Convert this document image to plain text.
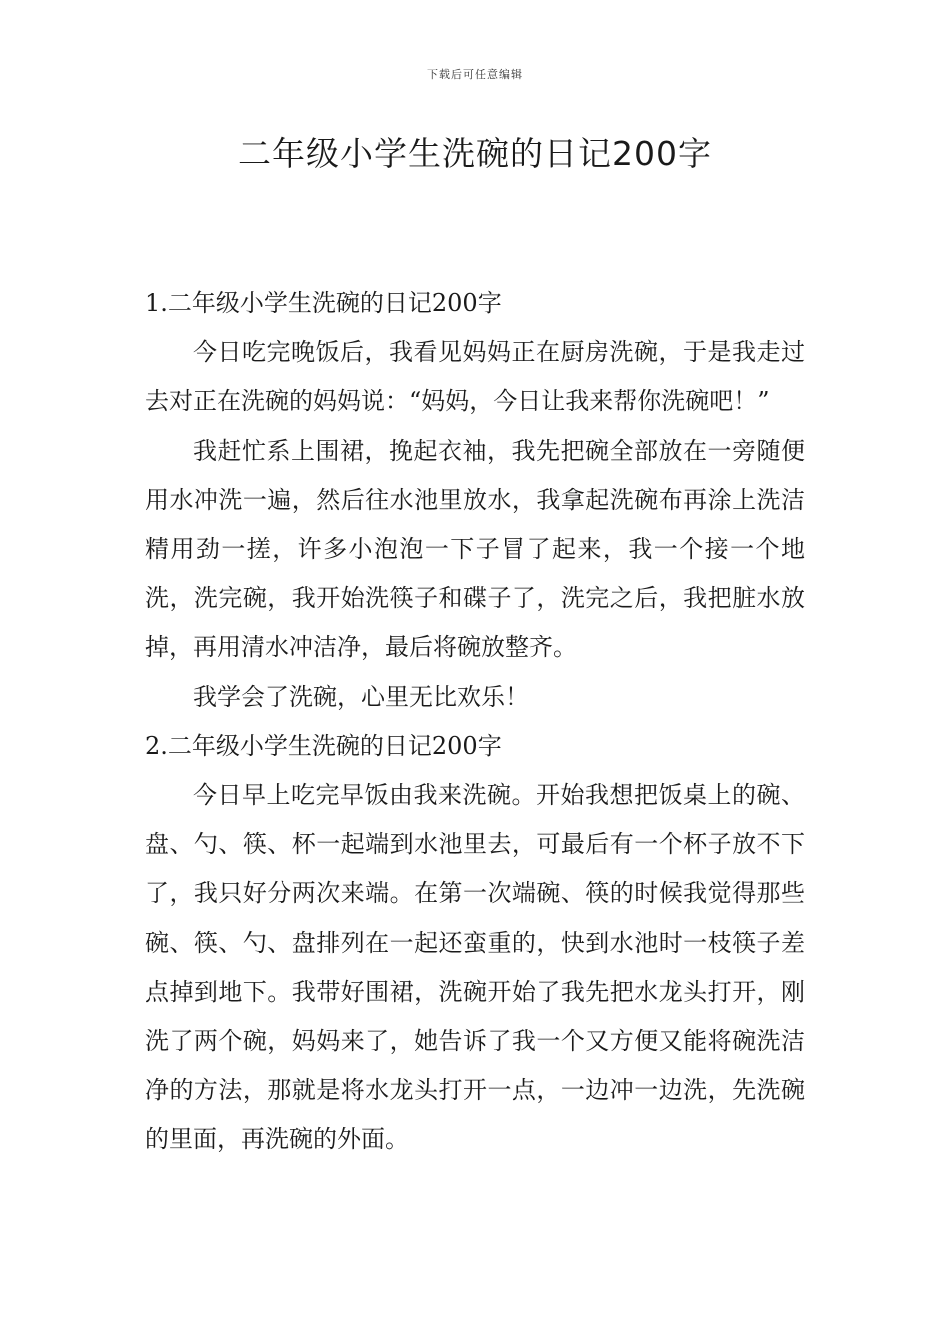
下载后可任意编辑
二年级小学生洗碗的日记200字

1.二年级小学生洗碗的日记200字

今日吃完晚饭后，我看见妈妈正在厨房洗碗，于是我走过去对正在洗碗的妈妈说：“妈妈，今日让我来帮你洗碗吧！”

我赶忙系上围裙，挽起衣袖，我先把碗全部放在一旁随便用水冲洗一遍，然后往水池里放水，我拿起洗碗布再涂上洗洁精用劲一搓，许多小泡泡一下子冒了起来，我一个接一个地洗，洗完碗，我开始洗筷子和碟子了，洗完之后，我把脏水放掉，再用清水冲洁净，最后将碗放整齐。

我学会了洗碗，心里无比欢乐！

2.二年级小学生洗碗的日记200字

今日早上吃完早饭由我来洗碗。开始我想把饭桌上的碗、盘、勺、筷、杯一起端到水池里去，可最后有一个杯子放不下了，我只好分两次来端。在第一次端碗、筷的时候我觉得那些碗、筷、勺、盘排列在一起还蛮重的，快到水池时一枝筷子差点掉到地下。我带好围裙，洗碗开始了我先把水龙头打开，刚洗了两个碗，妈妈来了，她告诉了我一个又方便又能将碗洗洁净的方法，那就是将水龙头打开一点，一边冲一边洗，先洗碗的里面，再洗碗的外面。
